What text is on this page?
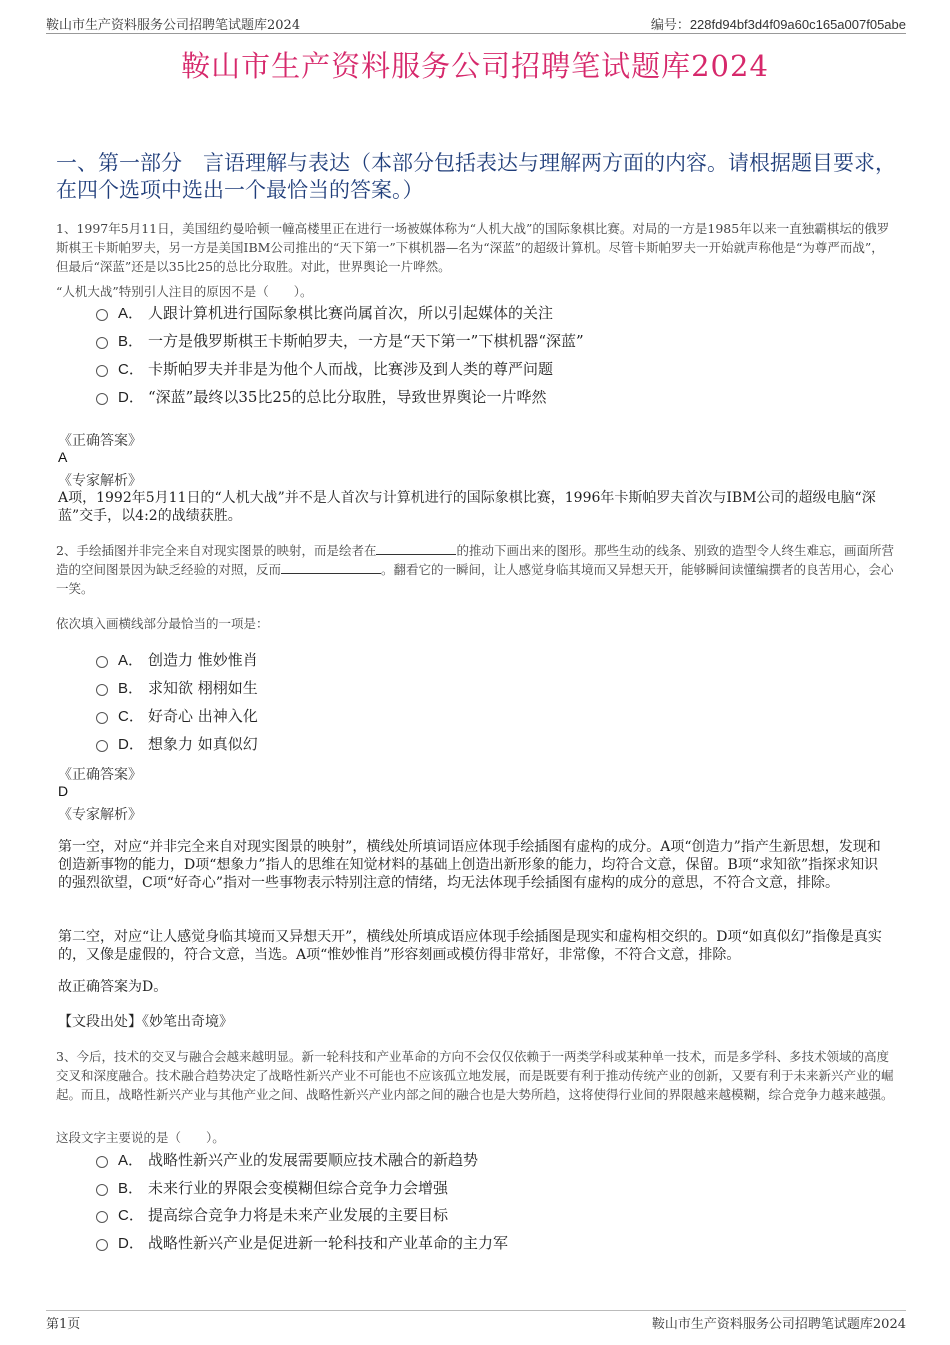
鞍山市生产资料服务公司招聘笔试题库2024	编号：228fd94bf3d4f09a60c165a007f05abe
鞍山市生产资料服务公司招聘笔试题库2024
一、第一部分　言语理解与表达（本部分包括表达与理解两方面的内容。请根据题目要求，在四个选项中选出一个最恰当的答案。）
1、1997年5月11日，美国纽约曼哈顿一幢高楼里正在进行一场被媒体称为“人机大战”的国际象棋比赛。对局的一方是1985年以来一直独霸棋坛的俄罗斯棋王卡斯帕罗夫，另一方是美国IBM公司推出的“天下第一”下棋机器—名为“深蓝”的超级计算机。尽管卡斯帕罗夫一开始就声称他是“为尊严而战”，但最后“深蓝”还是以35比25的总比分取胜。对此，世界舆论一片哗然。
“人机大战”特别引人注目的原因不是（　　）。
A． 人跟计算机进行国际象棋比赛尚属首次，所以引起媒体的关注
B． 一方是俄罗斯棋王卡斯帕罗夫，一方是“天下第一”下棋机器“深蓝”
C． 卡斯帕罗夫并非是为他个人而战，比赛涉及到人类的尊严问题
D． “深蓝”最终以35比25的总比分取胜，导致世界舆论一片哗然
《正确答案》
A
《专家解析》
A项，1992年5月11日的“人机大战”并不是人首次与计算机进行的国际象棋比赛，1996年卡斯帕罗夫首次与IBM公司的超级电脑“深蓝”交手，以4:2的战绩获胜。
2、手绘插图并非完全来自对现实图景的映射，而是绘者在	的推动下画出来的图形。那些生动的线条、别致的造型令人终生难忘，画面所营造的空间图景因为缺乏经验的对照，反而	。翻看它的一瞬间，让人感觉身临其境而又异想天开，能够瞬间读懂编撰者的良苦用心，会心一笑。
依次填入画横线部分最恰当的一项是：
A． 创造力 惟妙惟肖
B． 求知欲 栩栩如生
C． 好奇心 出神入化
D． 想象力 如真似幻
《正确答案》
D
《专家解析》
第一空，对应“并非完全来自对现实图景的映射”，横线处所填词语应体现手绘插图有虚构的成分。A项“创造力”指产生新思想，发现和创造新事物的能力，D项“想象力”指人的思维在知觉材料的基础上创造出新形象的能力，均符合文意，保留。B项“求知欲”指探求知识的强烈欲望，C项“好奇心”指对一些事物表示特别注意的情绪，均无法体现手绘插图有虚构的成分的意思，不符合文意，排除。
第二空，对应“让人感觉身临其境而又异想天开”，横线处所填成语应体现手绘插图是现实和虚构相交织的。D项“如真似幻”指像是真实的，又像是虚假的，符合文意，当选。A项“惟妙惟肖”形容刻画或模仿得非常好，非常像，不符合文意，排除。
故正确答案为D。
【文段出处】《妙笔出奇境》
3、今后，技术的交叉与融合会越来越明显。新一轮科技和产业革命的方向不会仅仅依赖于一两类学科或某种单一技术，而是多学科、多技术领域的高度交叉和深度融合。技术融合趋势决定了战略性新兴产业不可能也不应该孤立地发展，而是既要有利于推动传统产业的创新，又要有利于未来新兴产业的崛起。而且，战略性新兴产业与其他产业之间、战略性新兴产业内部之间的融合也是大势所趋，这将使得行业间的界限越来越模糊，综合竞争力越来越强。
这段文字主要说的是（　　）。
A． 战略性新兴产业的发展需要顺应技术融合的新趋势
B． 未来行业的界限会变模糊但综合竞争力会增强
C． 提高综合竞争力将是未来产业发展的主要目标
D． 战略性新兴产业是促进新一轮科技和产业革命的主力军
第1页	鞍山市生产资料服务公司招聘笔试题库2024
